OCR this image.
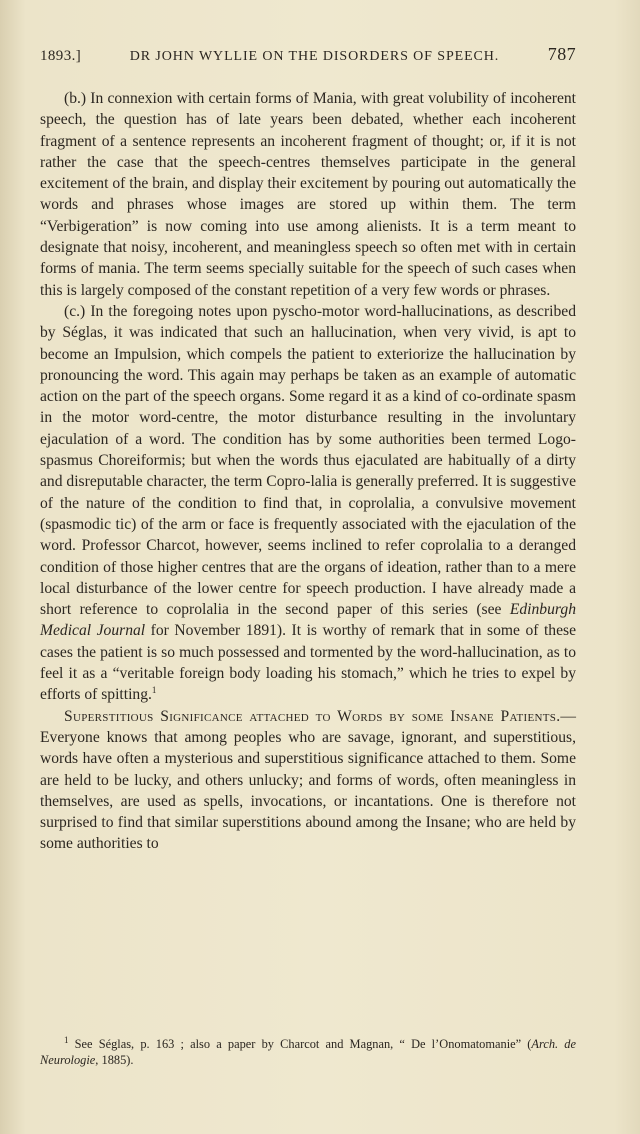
1893.]	DR JOHN WYLLIE ON THE DISORDERS OF SPEECH.	787

(b.) In connexion with certain forms of Mania, with great volubility of incoherent speech, the question has of late years been debated, whether each incoherent fragment of a sentence represents an incoherent fragment of thought; or, if it is not rather the case that the speech-centres themselves participate in the general excitement of the brain, and display their excitement by pouring out automatically the words and phrases whose images are stored up within them. The term “Verbigeration” is now coming into use among alienists. It is a term meant to designate that noisy, incoherent, and meaningless speech so often met with in certain forms of mania. The term seems specially suitable for the speech of such cases when this is largely composed of the constant repetition of a very few words or phrases.

(c.) In the foregoing notes upon pyscho-motor word-hallucinations, as described by Séglas, it was indicated that such an hallucination, when very vivid, is apt to become an Impulsion, which compels the patient to exteriorize the hallucination by pronouncing the word. This again may perhaps be taken as an example of automatic action on the part of the speech organs. Some regard it as a kind of co-ordinate spasm in the motor word-centre, the motor disturbance resulting in the involuntary ejaculation of a word. The condition has by some authorities been termed Logo-spasmus Choreiformis; but when the words thus ejaculated are habitually of a dirty and disreputable character, the term Copro-lalia is generally preferred. It is suggestive of the nature of the condition to find that, in coprolalia, a convulsive movement (spasmodic tic) of the arm or face is frequently associated with the ejaculation of the word. Professor Charcot, however, seems inclined to refer coprolalia to a deranged condition of those higher centres that are the organs of ideation, rather than to a mere local disturbance of the lower centre for speech production. I have already made a short reference to coprolalia in the second paper of this series (see Edinburgh Medical Journal for November 1891). It is worthy of remark that in some of these cases the patient is so much possessed and tormented by the word-hallucination, as to feel it as a “veritable foreign body loading his stomach,” which he tries to expel by efforts of spitting.$^1$

Superstitious Significance attached to Words by some Insane Patients.—Everyone knows that among peoples who are savage, ignorant, and superstitious, words have often a mysterious and superstitious significance attached to them. Some are held to be lucky, and others unlucky; and forms of words, often meaningless in themselves, are used as spells, invocations, or incantations. One is therefore not surprised to find that similar superstitions abound among the Insane; who are held by some authorities to

$^1$ See Séglas, p. 163 ; also a paper by Charcot and Magnan, “ De l’Onomatomanie” (Arch. de Neurologie, 1885).
